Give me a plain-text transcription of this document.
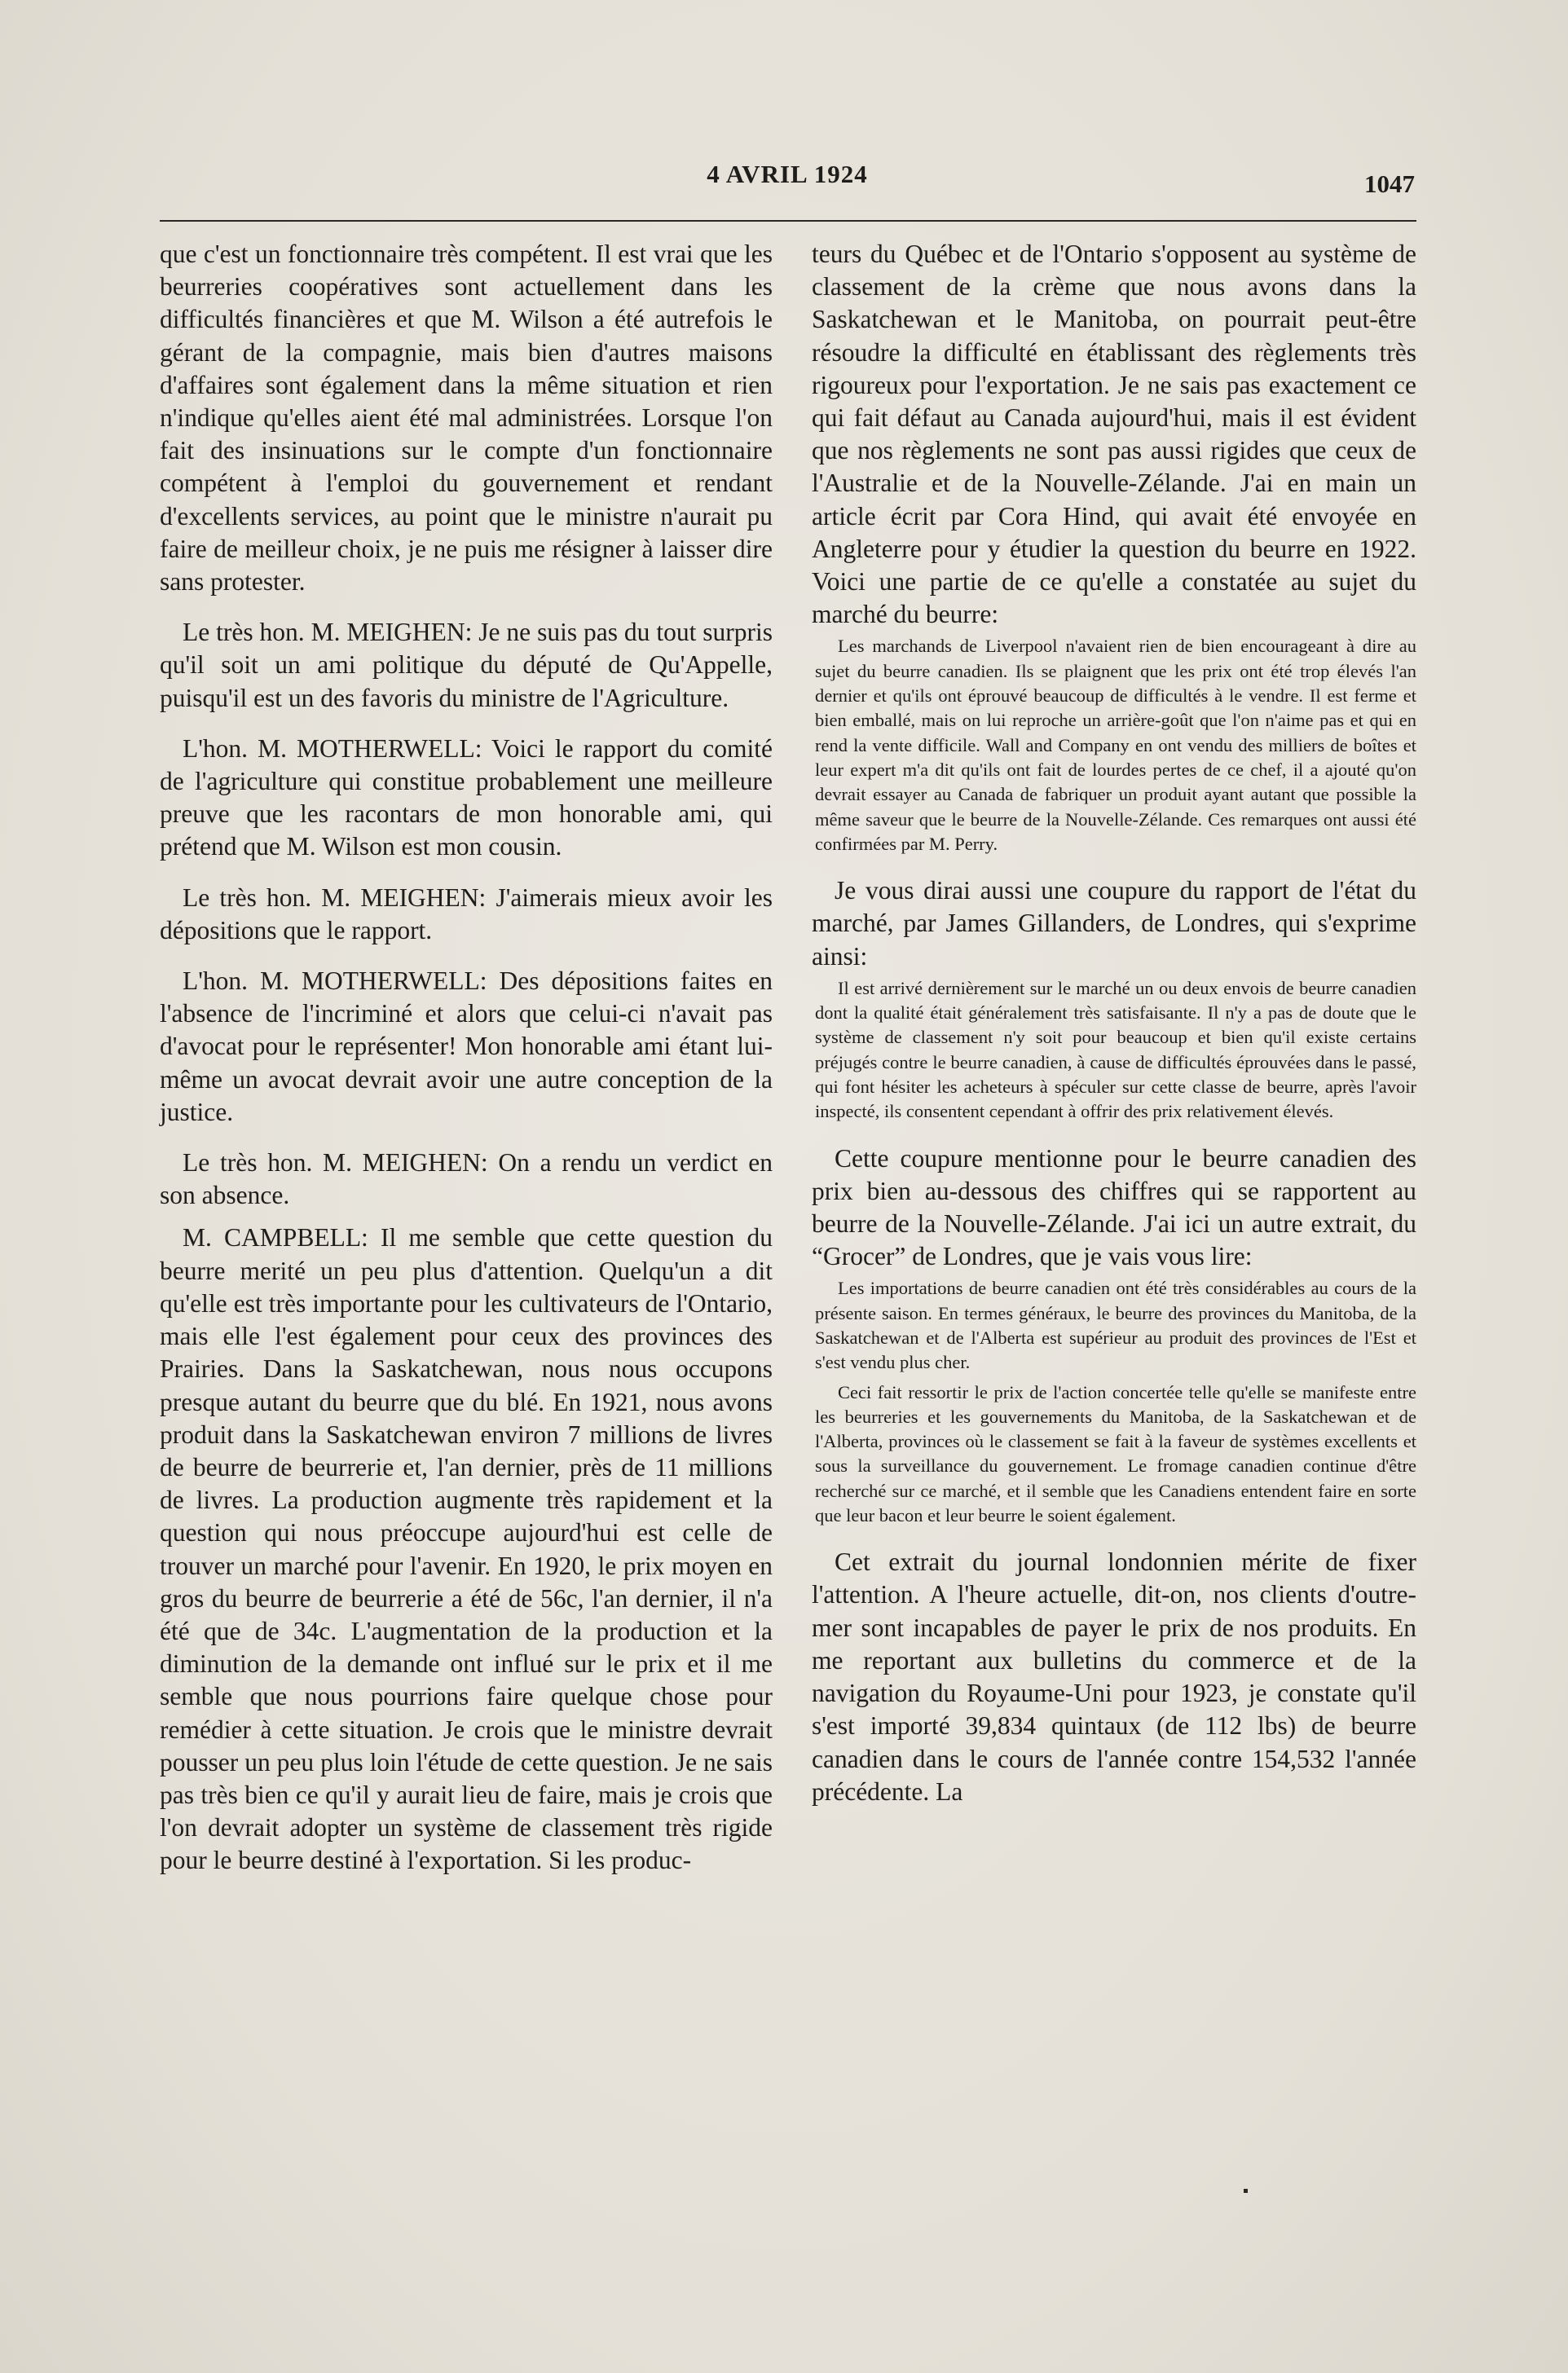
4 AVRIL 1924	1047

que c'est un fonctionnaire très compétent. Il est vrai que les beurreries coopératives sont actuellement dans les difficultés financières et que M. Wilson a été autrefois le gérant de la compagnie, mais bien d'autres maisons d'affaires sont également dans la même situation et rien n'indique qu'elles aient été mal administrées. Lorsque l'on fait des insinuations sur le compte d'un fonctionnaire compétent à l'emploi du gouvernement et rendant d'excellents services, au point que le ministre n'aurait pu faire de meilleur choix, je ne puis me résigner à laisser dire sans protester.

Le très hon. M. MEIGHEN: Je ne suis pas du tout surpris qu'il soit un ami politique du député de Qu'Appelle, puisqu'il est un des favoris du ministre de l'Agriculture.

L'hon. M. MOTHERWELL: Voici le rapport du comité de l'agriculture qui constitue probablement une meilleure preuve que les racontars de mon honorable ami, qui prétend que M. Wilson est mon cousin.

Le très hon. M. MEIGHEN: J'aimerais mieux avoir les dépositions que le rapport.

L'hon. M. MOTHERWELL: Des dépositions faites en l'absence de l'incriminé et alors que celui-ci n'avait pas d'avocat pour le représenter! Mon honorable ami étant lui-même un avocat devrait avoir une autre conception de la justice.

Le très hon. M. MEIGHEN: On a rendu un verdict en son absence.

M. CAMPBELL: Il me semble que cette question du beurre merité un peu plus d'attention. Quelqu'un a dit qu'elle est très importante pour les cultivateurs de l'Ontario, mais elle l'est également pour ceux des provinces des Prairies. Dans la Saskatchewan, nous nous occupons presque autant du beurre que du blé. En 1921, nous avons produit dans la Saskatchewan environ 7 millions de livres de beurre de beurrerie et, l'an dernier, près de 11 millions de livres. La production augmente très rapidement et la question qui nous préoccupe aujourd'hui est celle de trouver un marché pour l'avenir. En 1920, le prix moyen en gros du beurre de beurrerie a été de 56c, l'an dernier, il n'a été que de 34c. L'augmentation de la production et la diminution de la demande ont influé sur le prix et il me semble que nous pourrions faire quelque chose pour remédier à cette situation. Je crois que le ministre devrait pousser un peu plus loin l'étude de cette question. Je ne sais pas très bien ce qu'il y aurait lieu de faire, mais je crois que l'on devrait adopter un système de classement très rigide pour le beurre destiné à l'exportation. Si les produc-

teurs du Québec et de l'Ontario s'opposent au système de classement de la crème que nous avons dans la Saskatchewan et le Manitoba, on pourrait peut-être résoudre la difficulté en établissant des règlements très rigoureux pour l'exportation. Je ne sais pas exactement ce qui fait défaut au Canada aujourd'hui, mais il est évident que nos règlements ne sont pas aussi rigides que ceux de l'Australie et de la Nouvelle-Zélande. J'ai en main un article écrit par Cora Hind, qui avait été envoyée en Angleterre pour y étudier la question du beurre en 1922. Voici une partie de ce qu'elle a constatée au sujet du marché du beurre:

Les marchands de Liverpool n'avaient rien de bien encourageant à dire au sujet du beurre canadien. Ils se plaignent que les prix ont été trop élevés l'an dernier et qu'ils ont éprouvé beaucoup de difficultés à le vendre. Il est ferme et bien emballé, mais on lui reproche un arrière-goût que l'on n'aime pas et qui en rend la vente difficile. Wall and Company en ont vendu des milliers de boîtes et leur expert m'a dit qu'ils ont fait de lourdes pertes de ce chef, il a ajouté qu'on devrait essayer au Canada de fabriquer un produit ayant autant que possible la même saveur que le beurre de la Nouvelle-Zélande. Ces remarques ont aussi été confirmées par M. Perry.

Je vous dirai aussi une coupure du rapport de l'état du marché, par James Gillanders, de Londres, qui s'exprime ainsi:

Il est arrivé dernièrement sur le marché un ou deux envois de beurre canadien dont la qualité était généralement très satisfaisante. Il n'y a pas de doute que le système de classement n'y soit pour beaucoup et bien qu'il existe certains préjugés contre le beurre canadien, à cause de difficultés éprouvées dans le passé, qui font hésiter les acheteurs à spéculer sur cette classe de beurre, après l'avoir inspecté, ils consentent cependant à offrir des prix relativement élevés.

Cette coupure mentionne pour le beurre canadien des prix bien au-dessous des chiffres qui se rapportent au beurre de la Nouvelle-Zélande. J'ai ici un autre extrait, du “Grocer” de Londres, que je vais vous lire:

Les importations de beurre canadien ont été très considérables au cours de la présente saison. En termes généraux, le beurre des provinces du Manitoba, de la Saskatchewan et de l'Alberta est supérieur au produit des provinces de l'Est et s'est vendu plus cher.

Ceci fait ressortir le prix de l'action concertée telle qu'elle se manifeste entre les beurreries et les gouvernements du Manitoba, de la Saskatchewan et de l'Alberta, provinces où le classement se fait à la faveur de systèmes excellents et sous la surveillance du gouvernement. Le fromage canadien continue d'être recherché sur ce marché, et il semble que les Canadiens entendent faire en sorte que leur bacon et leur beurre le soient également.

Cet extrait du journal londonnien mérite de fixer l'attention. A l'heure actuelle, dit-on, nos clients d'outre-mer sont incapables de payer le prix de nos produits. En me reportant aux bulletins du commerce et de la navigation du Royaume-Uni pour 1923, je constate qu'il s'est importé 39,834 quintaux (de 112 lbs) de beurre canadien dans le cours de l'année contre 154,532 l'année précédente. La
